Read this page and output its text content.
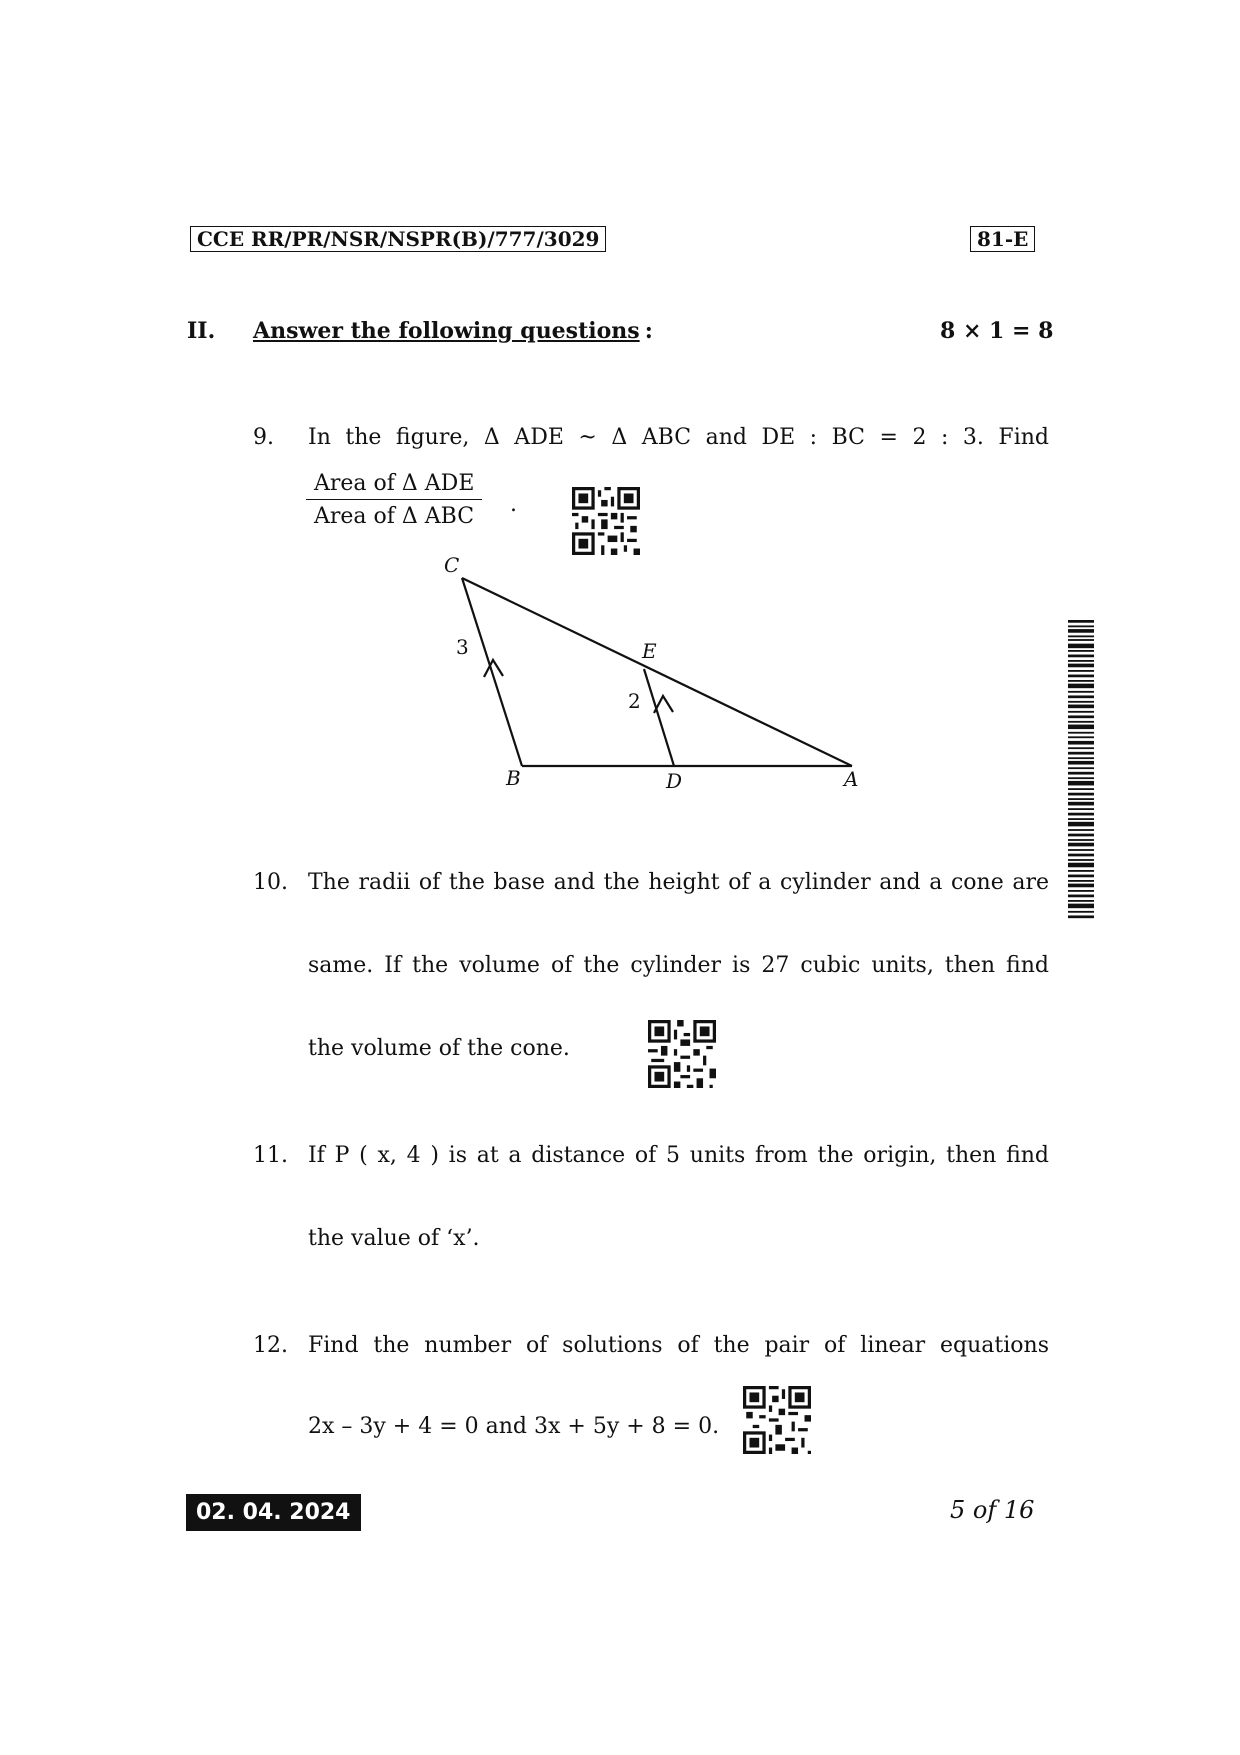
CCE RR/PR/NSR/NSPR(B)/777/3029	81-E
II. Answer the following questions :	8 × 1 = 8
9. In the figure, Δ ADE ~ Δ ABC and DE : BC = 2 : 3. Find
Area of Δ ADE
Area of Δ ABC	.
C
E
B	D	A
3
2
10. The radii of the base and the height of a cylinder and a cone are
same. If the volume of the cylinder is 27 cubic units, then find
the volume of the cone.
11. If P ( x, 4 ) is at a distance of 5 units from the origin, then find
the value of ‘x’.
12. Find the number of solutions of the pair of linear equations
2x – 3y + 4 = 0 and 3x + 5y + 8 = 0.
02. 04. 2024	5 of 16
